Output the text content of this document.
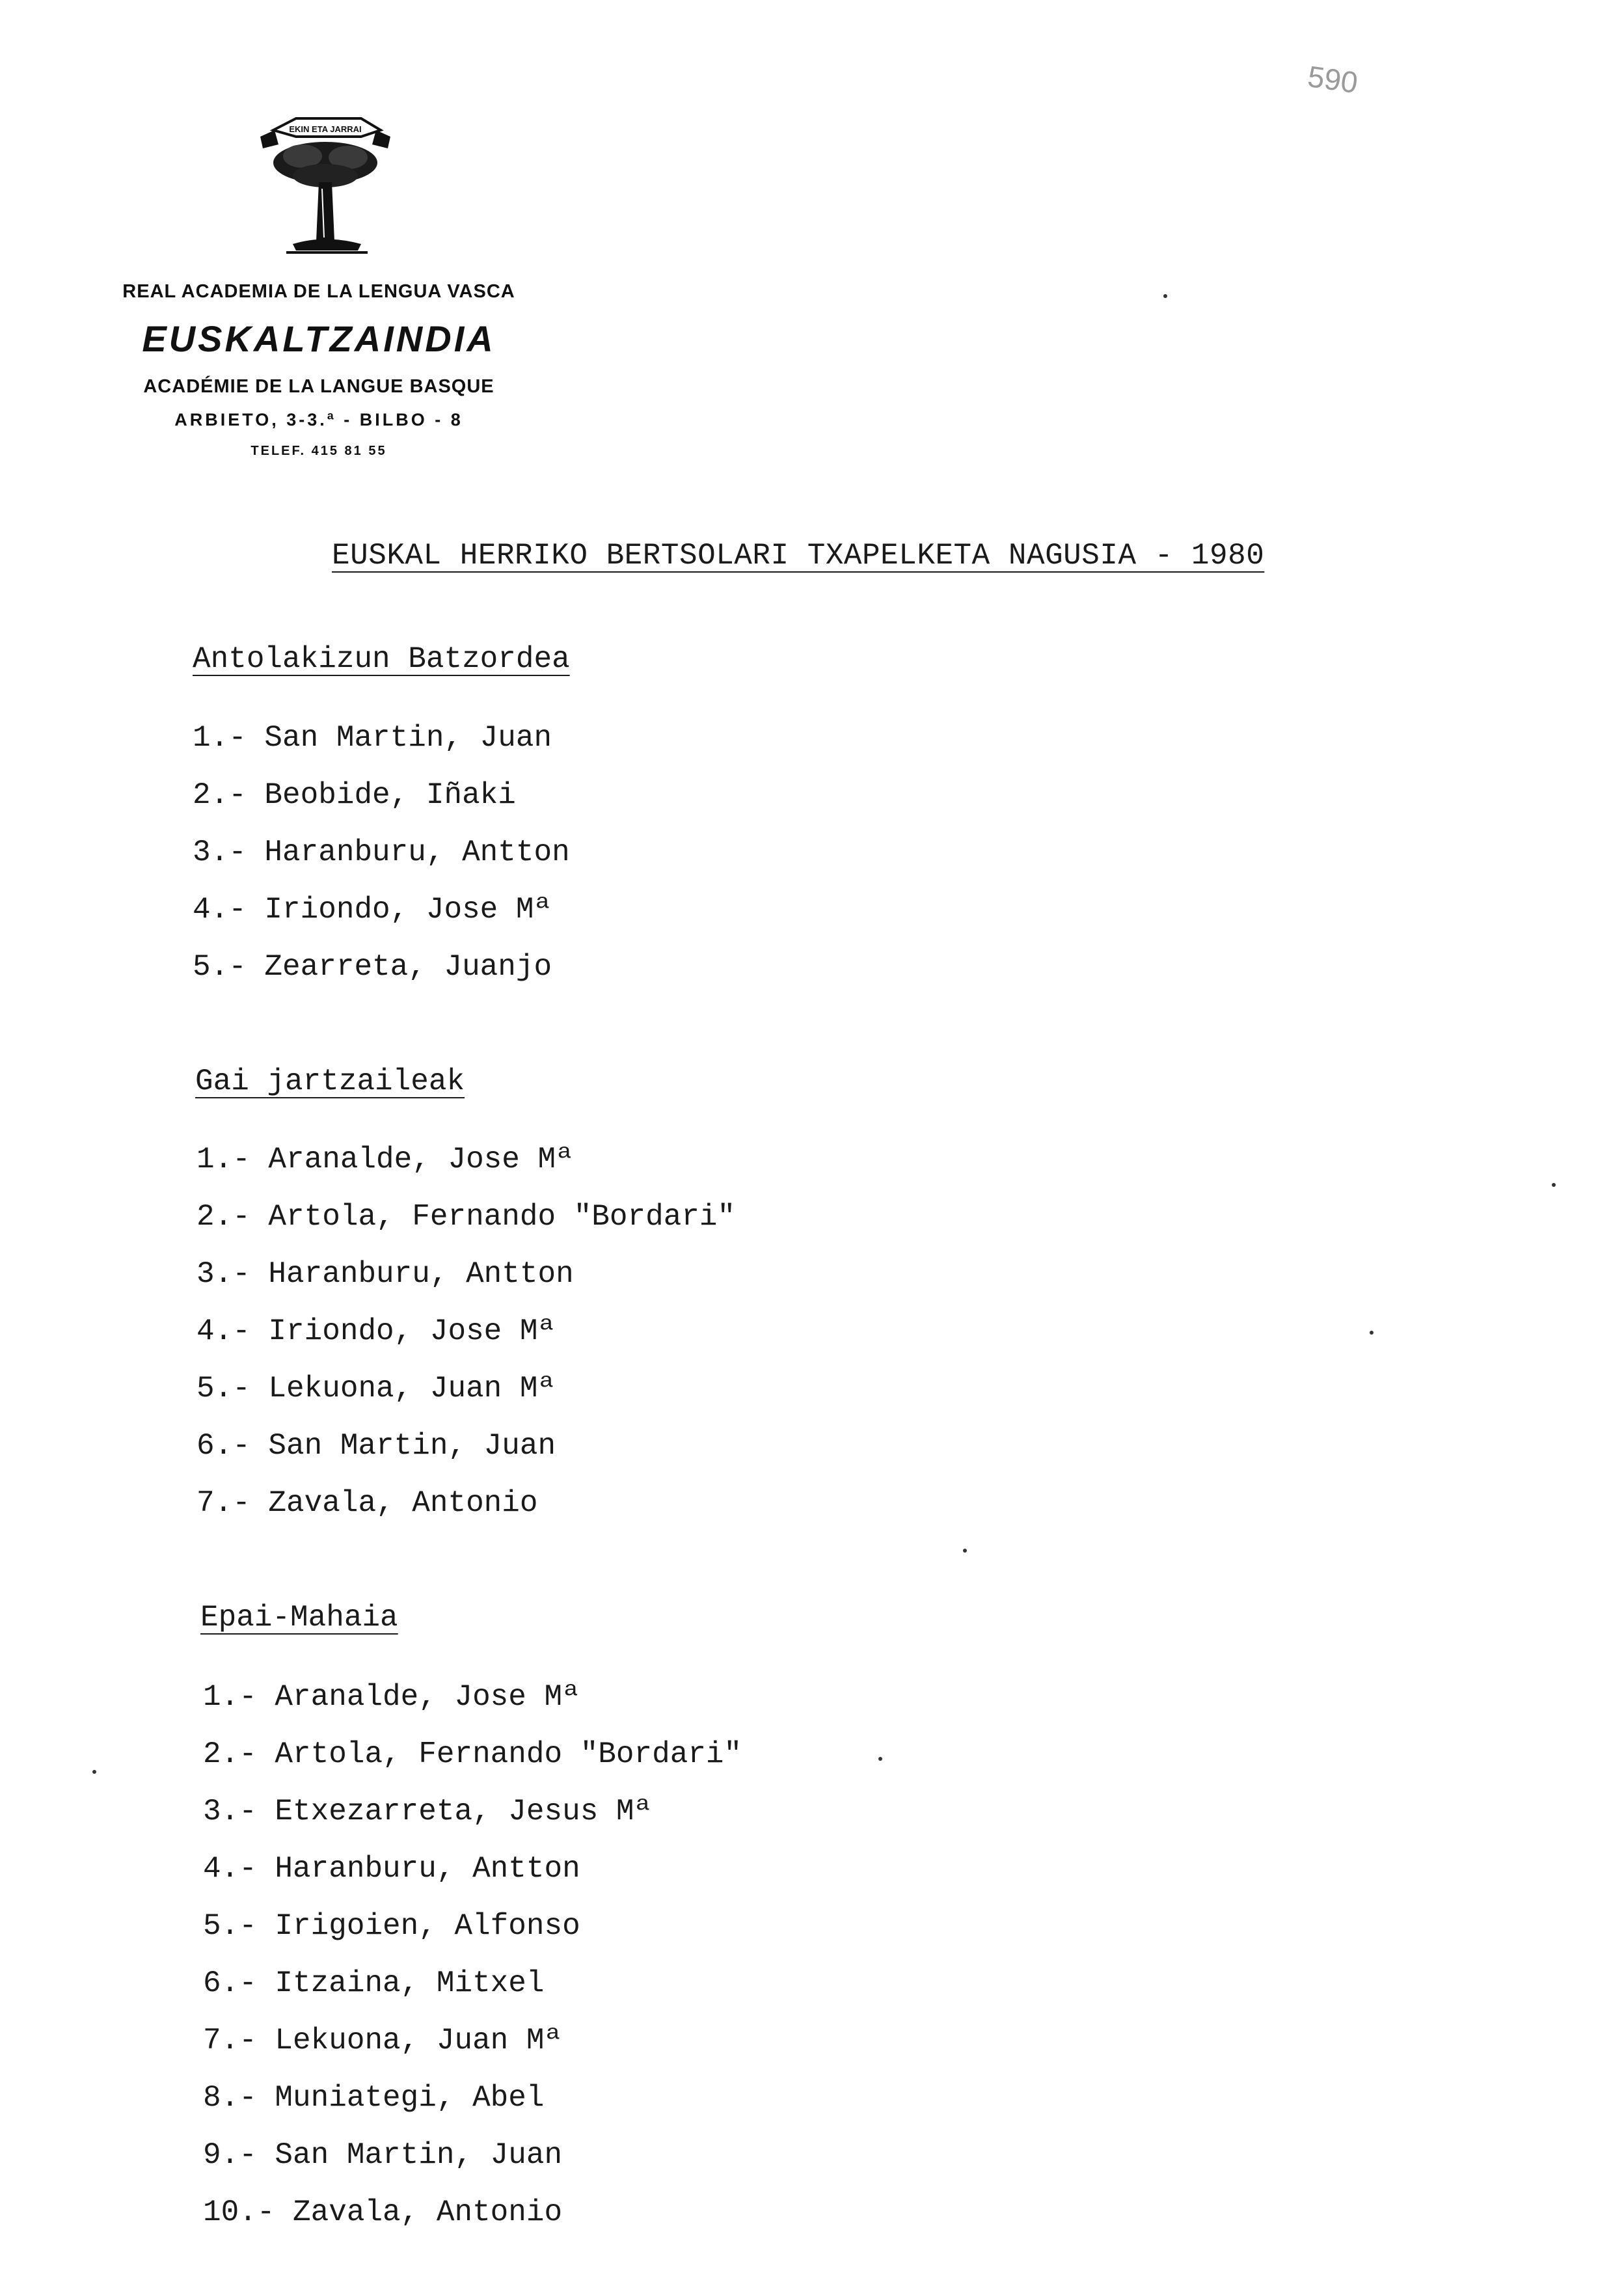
EKIN ETA JARRAI
REAL ACADEMIA DE LA LENGUA VASCA
EUSKALTZAINDIA
ACADÉMIE DE LA LANGUE BASQUE
ARBIETO, 3-3.ª - BILBO - 8
TELEF. 415 81 55
590
EUSKAL HERRIKO BERTSOLARI TXAPELKETA NAGUSIA - 1980
Antolakizun Batzordea
1.- San Martin, Juan
2.- Beobide, Iñaki
3.- Haranburu, Antton
4.- Iriondo, Jose Mª
5.- Zearreta, Juanjo
Gai jartzaileak
1.- Aranalde, Jose Mª
2.- Artola, Fernando "Bordari"
3.- Haranburu, Antton
4.- Iriondo, Jose Mª
5.- Lekuona, Juan Mª
6.- San Martin, Juan
7.- Zavala, Antonio
Epai-Mahaia
1.- Aranalde, Jose Mª
2.- Artola, Fernando "Bordari"
3.- Etxezarreta, Jesus Mª
4.- Haranburu, Antton
5.- Irigoien, Alfonso
6.- Itzaina, Mitxel
7.- Lekuona, Juan Mª
8.- Muniategi, Abel
9.- San Martin, Juan
10.- Zavala, Antonio
